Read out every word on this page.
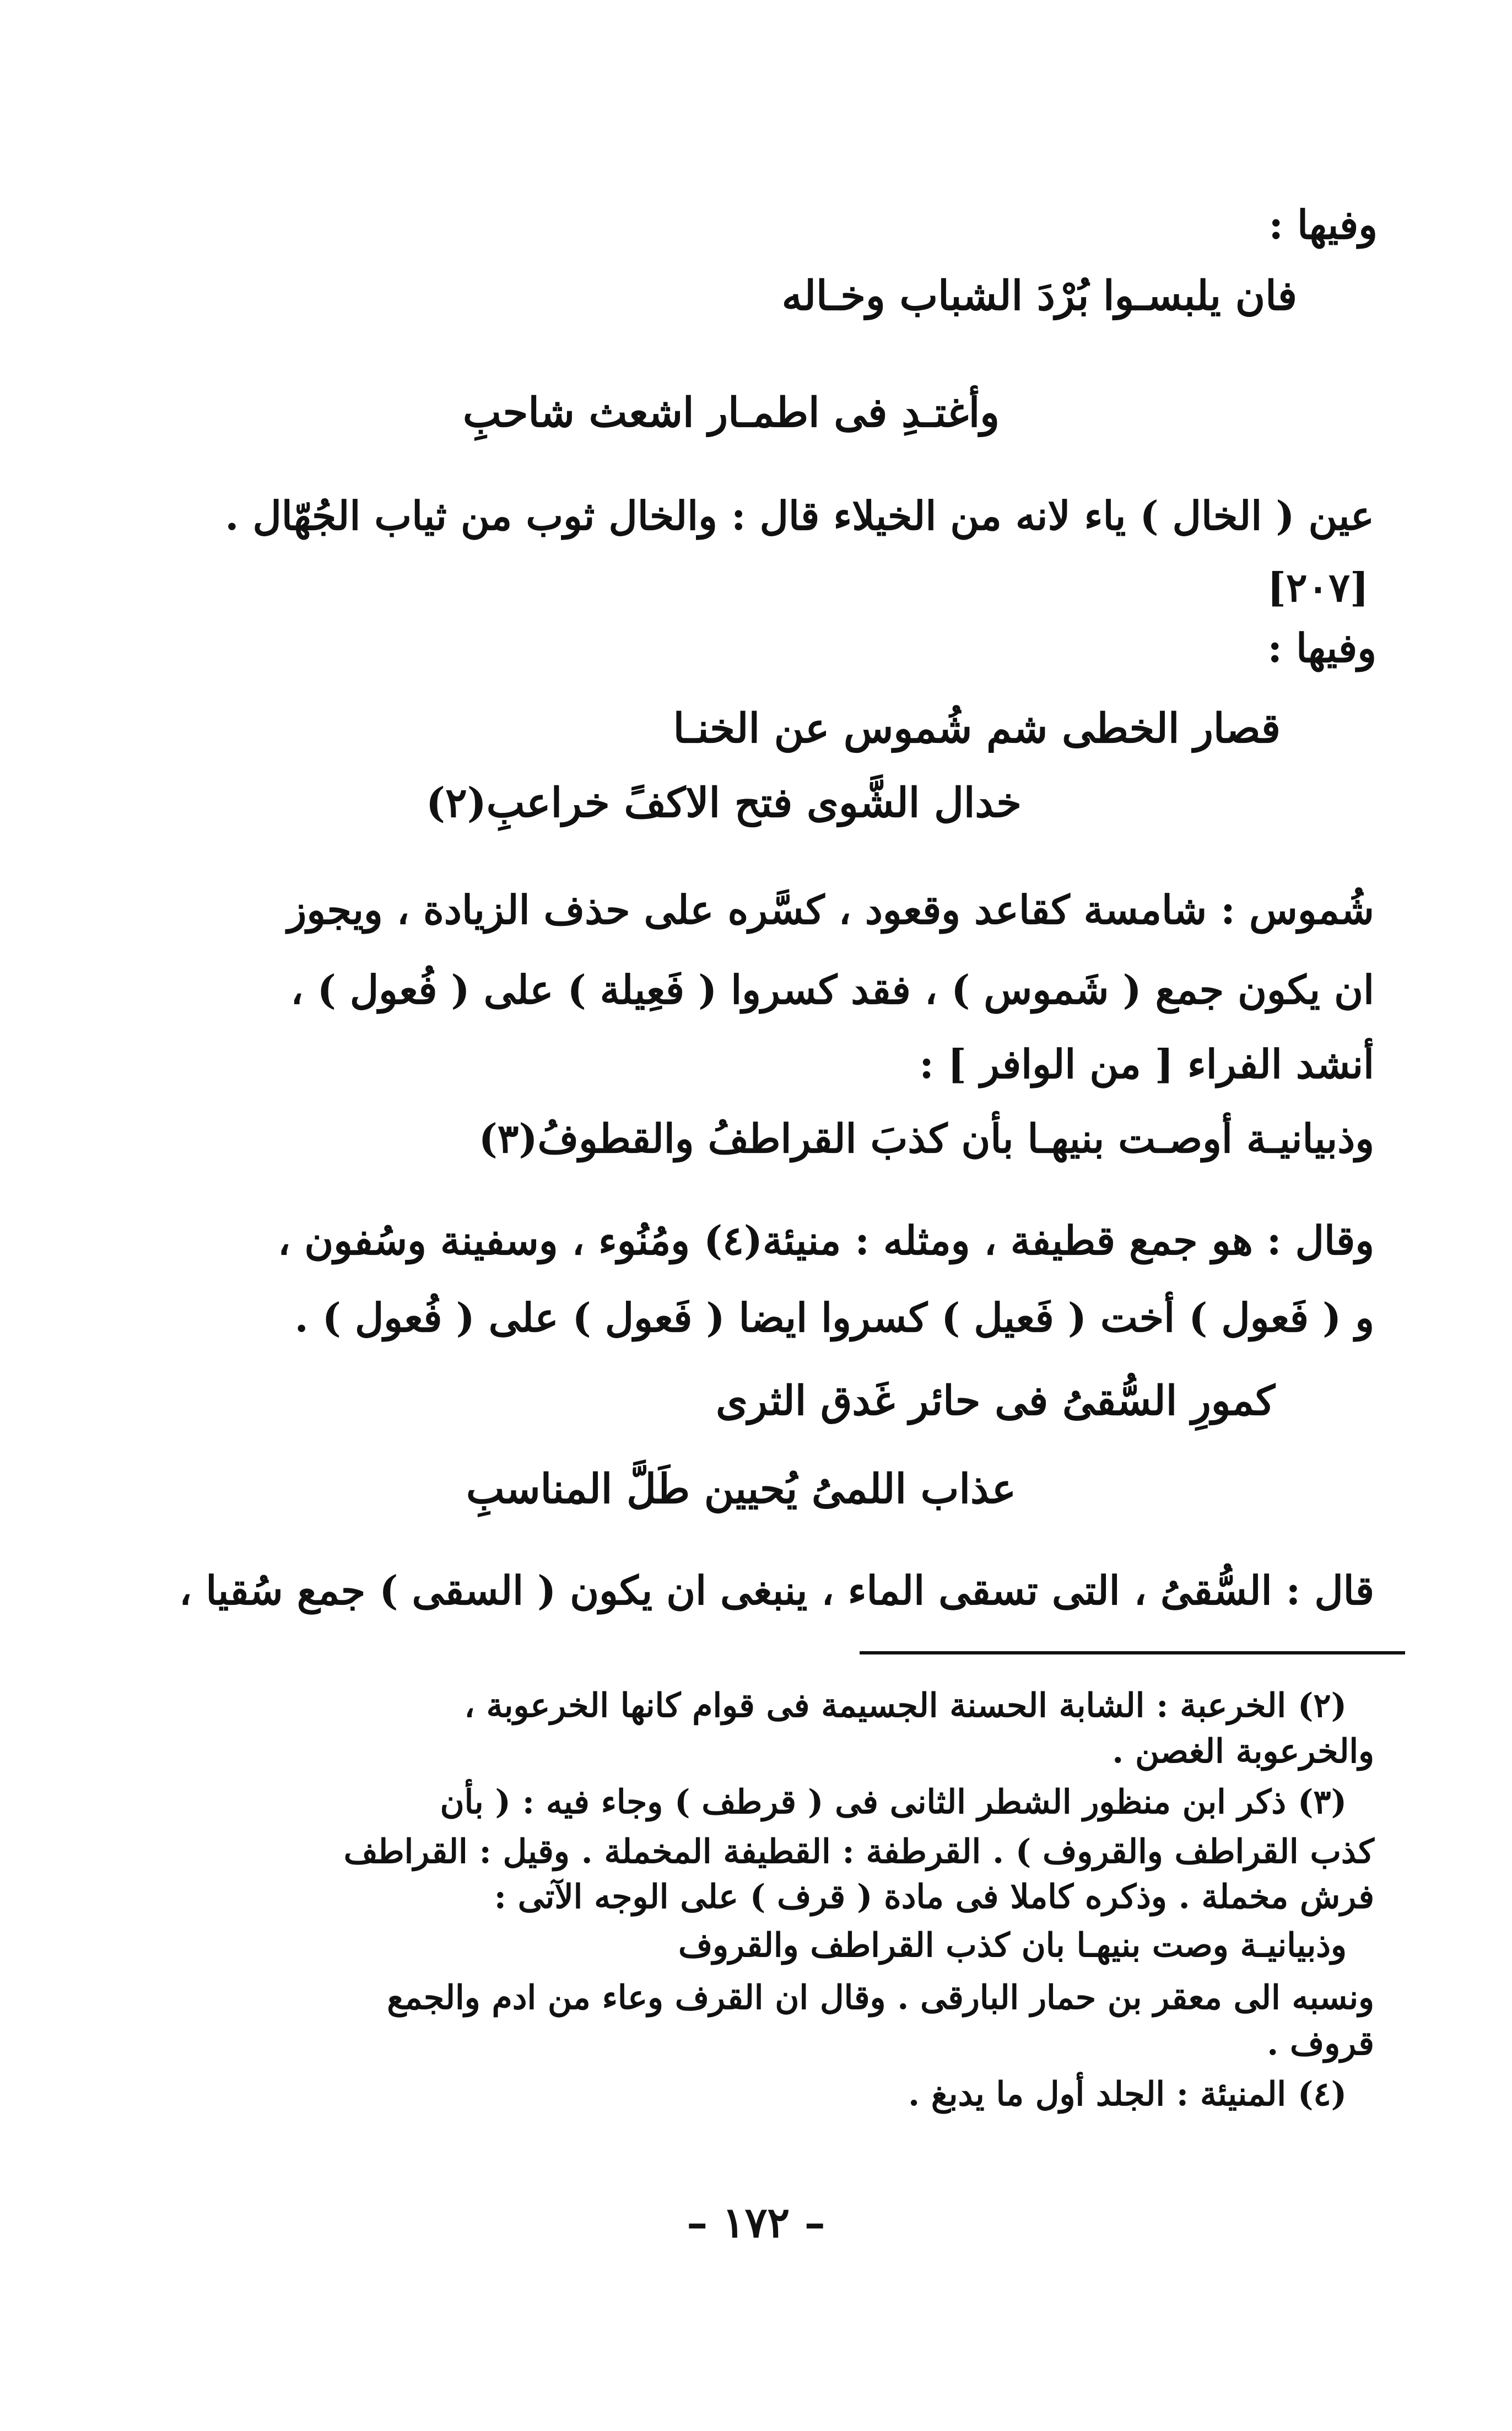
وفيها :
فان يلبسـوا بُرْدَ الشباب وخـاله
وأغتـدِ فى اطمـار اشعث شاحبِ
عين ( الخال ) ياء لانه من الخيلاء قال : والخال ثوب من ثياب الجُهّال .
[٢٠٧]
وفيها :
قصار الخطى شم شُموس عن الخنـا
خدال الشَّوى فتح الاكفً خراعبِ(٢)
شُموس : شامسة كقاعد وقعود ، كسَّره على حذف الزيادة ، ويجوز
ان يكون جمع ( شَموس ) ، فقد كسروا ( فَعِيلة ) على ( فُعول ) ،
أنشد الفراء [ من الوافر ] :
وذبيانيـة أوصـت بنيهـا بأن كذبَ القراطفُ والقطوفُ(٣)
وقال : هو جمع قطيفة ، ومثله : منيئة(٤) ومُنُوء ، وسفينة وسُفون ،
و ( فَعول ) أخت ( فَعيل ) كسروا ايضا ( فَعول ) على ( فُعول ) .
كمورِ السُّقىُ فى حائر غَدق الثرى
عذاب اللمىُ يُحيين طَلَّ المناسبِ
قال : السُّقىُ ، التى تسقى الماء ، ينبغى ان يكون ( السقى ) جمع سُقيا ،
(٢) الخرعبة : الشابة الحسنة الجسيمة فى قوام كانها الخرعوبة ،
والخرعوبة الغصن .
(٣) ذكر ابن منظور الشطر الثانى فى ( قرطف ) وجاء فيه : ( بأن
كذب القراطف والقروف ) . القرطفة : القطيفة المخملة . وقيل : القراطف
فرش مخملة . وذكره كاملا فى مادة ( قرف ) على الوجه الآتى :
وذبيانيـة وصت بنيهـا بان كذب القراطف والقروف
ونسبه الى معقر بن حمار البارقى . وقال ان القرف وعاء من ادم والجمع
قروف .
(٤) المنيئة : الجلد أول ما يدبغ .
– ١٧٢ –
